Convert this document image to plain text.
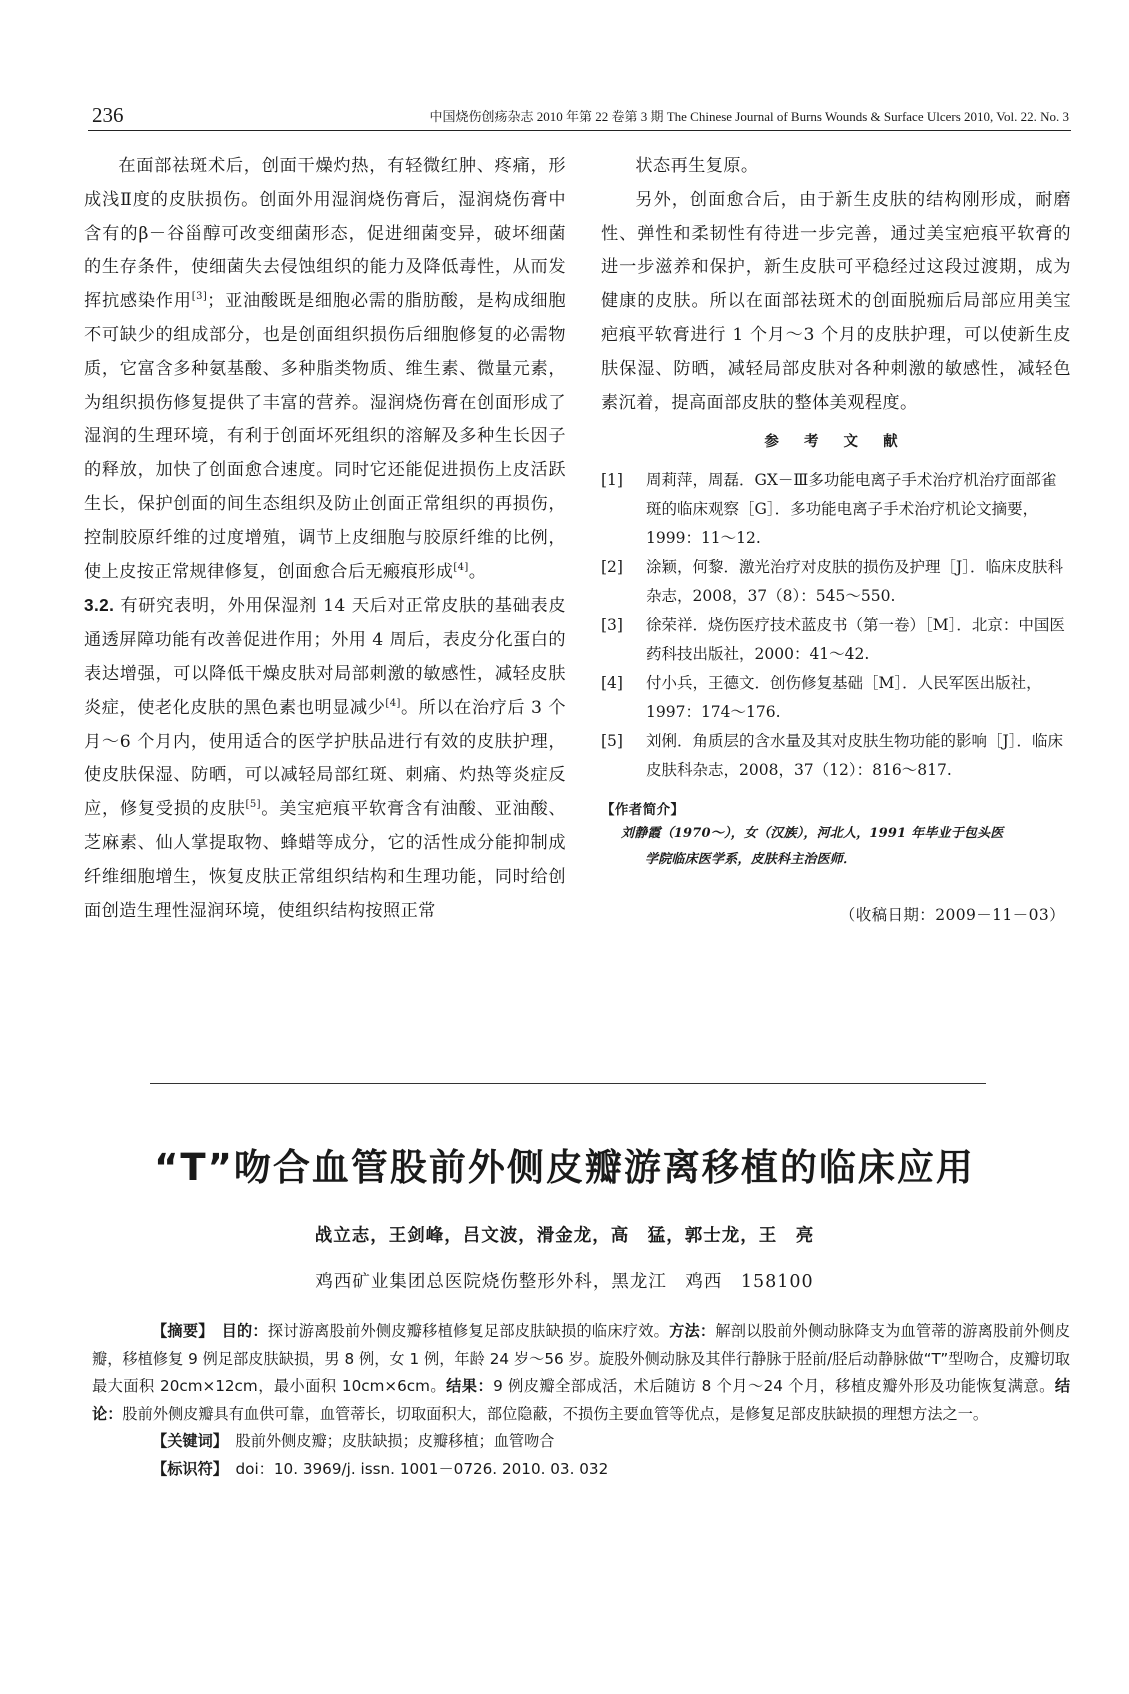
236	中国烧伤创疡杂志 2010 年第 22 卷第 3 期 The Chinese Journal of Burns Wounds & Surface Ulcers 2010, Vol. 22. No. 3

在面部祛斑术后，创面干燥灼热，有轻微红肿、疼痛，形成浅Ⅱ度的皮肤损伤。创面外用湿润烧伤膏后，湿润烧伤膏中含有的β－谷甾醇可改变细菌形态，促进细菌变异，破坏细菌的生存条件，使细菌失去侵蚀组织的能力及降低毒性，从而发挥抗感染作用[3]；亚油酸既是细胞必需的脂肪酸，是构成细胞不可缺少的组成部分，也是创面组织损伤后细胞修复的必需物质，它富含多种氨基酸、多种脂类物质、维生素、微量元素，为组织损伤修复提供了丰富的营养。湿润烧伤膏在创面形成了湿润的生理环境，有利于创面坏死组织的溶解及多种生长因子的释放，加快了创面愈合速度。同时它还能促进损伤上皮活跃生长，保护创面的间生态组织及防止创面正常组织的再损伤，控制胶原纤维的过度增殖，调节上皮细胞与胶原纤维的比例，使上皮按正常规律修复，创面愈合后无瘢痕形成[4]。

3.2. 有研究表明，外用保湿剂 14 天后对正常皮肤的基础表皮通透屏障功能有改善促进作用；外用 4 周后，表皮分化蛋白的表达增强，可以降低干燥皮肤对局部刺激的敏感性，减轻皮肤炎症，使老化皮肤的黑色素也明显减少[4]。所以在治疗后 3 个月～6 个月内，使用适合的医学护肤品进行有效的皮肤护理，使皮肤保湿、防晒，可以减轻局部红斑、刺痛、灼热等炎症反应，修复受损的皮肤[5]。美宝疤痕平软膏含有油酸、亚油酸、芝麻素、仙人掌提取物、蜂蜡等成分，它的活性成分能抑制成纤维细胞增生，恢复皮肤正常组织结构和生理功能，同时给创面创造生理性湿润环境，使组织结构按照正常

状态再生复原。

另外，创面愈合后，由于新生皮肤的结构刚形成，耐磨性、弹性和柔韧性有待进一步完善，通过美宝疤痕平软膏的进一步滋养和保护，新生皮肤可平稳经过这段过渡期，成为健康的皮肤。所以在面部祛斑术的创面脱痂后局部应用美宝疤痕平软膏进行 1 个月～3 个月的皮肤护理，可以使新生皮肤保湿、防晒，减轻局部皮肤对各种刺激的敏感性，减轻色素沉着，提高面部皮肤的整体美观程度。

参 考 文 献
[1]	周莉萍，周磊．GX－Ⅲ多功能电离子手术治疗机治疗面部雀斑的临床观察［G］．多功能电离子手术治疗机论文摘要，1999：11～12.
[2]	涂颖，何黎．激光治疗对皮肤的损伤及护理［J］．临床皮肤科杂志，2008，37（8）：545～550.
[3]	徐荣祥．烧伤医疗技术蓝皮书（第一卷）［M］．北京：中国医药科技出版社，2000：41～42.
[4]	付小兵，王德文．创伤修复基础［M］．人民军医出版社，1997：174～176.
[5]	刘俐．角质层的含水量及其对皮肤生物功能的影响［J］．临床皮肤科杂志，2008，37（12）：816～817.
【作者简介】
刘静霞（1970～），女（汉族），河北人，1991 年毕业于包头医
学院临床医学系，皮肤科主治医师．
（收稿日期：2009－11－03）
“T”吻合血管股前外侧皮瓣游离移植的临床应用
战立志，王剑峰，吕文波，滑金龙，高　猛，郭士龙，王　亮
鸡西矿业集团总医院烧伤整形外科，黑龙江　鸡西　158100

【摘要】　 目的：探讨游离股前外侧皮瓣移植修复足部皮肤缺损的临床疗效。方法：解剖以股前外侧动脉降支为血管蒂的游离股前外侧皮瓣，移植修复 9 例足部皮肤缺损，男 8 例，女 1 例，年龄 24 岁～56 岁。旋股外侧动脉及其伴行静脉于胫前/胫后动静脉做“T”型吻合，皮瓣切取最大面积 20cm×12cm，最小面积 10cm×6cm。结果：9 例皮瓣全部成活，术后随访 8 个月～24 个月，移植皮瓣外形及功能恢复满意。结论：股前外侧皮瓣具有血供可靠，血管蒂长，切取面积大，部位隐蔽，不损伤主要血管等优点，是修复足部皮肤缺损的理想方法之一。

【关键词】　 股前外侧皮瓣；皮肤缺损；皮瓣移植；血管吻合

【标识符】　 doi：10. 3969/j. issn. 1001－0726. 2010. 03. 032
